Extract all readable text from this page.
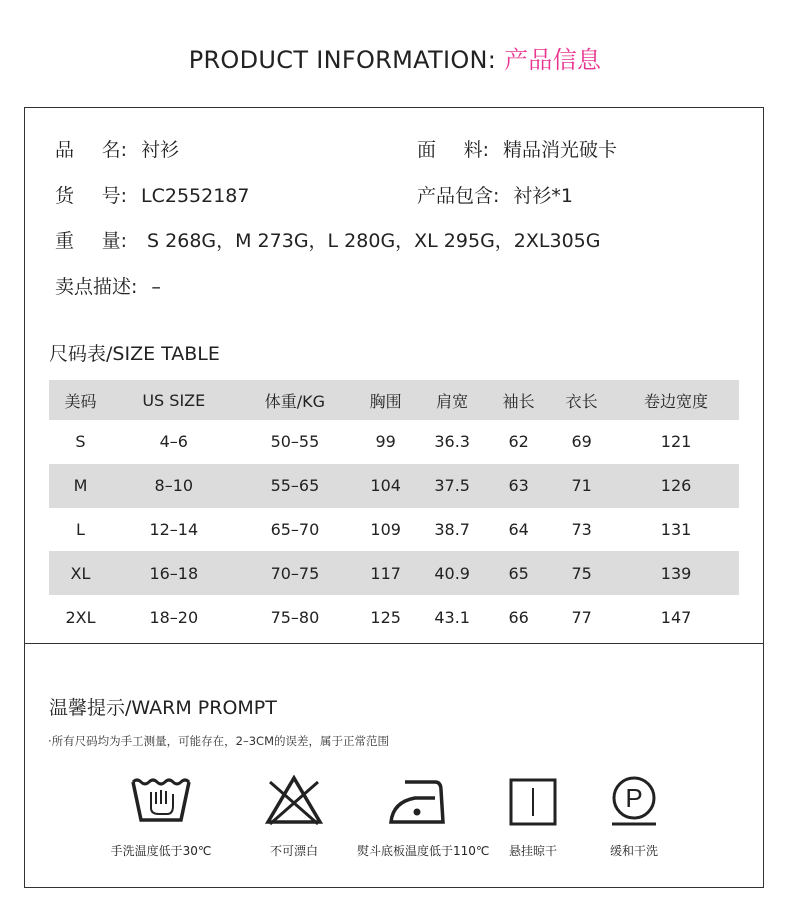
PRODUCT INFORMATION: 产品信息
品 名: 衬衫	面 料: 精品消光破卡
货 号: LC2552187	产品包含: 衬衫*1
重 量: S 268G，M 273G，L 280G，XL 295G，2XL305G
卖点描述: –
尺码表/SIZE TABLE
美码	US SIZE	体重/KG	胸围	肩宽	袖长	衣长	卷边宽度
S	4–6	50–55	99	36.3	62	69	121
M	8–10	55–65	104	37.5	63	71	126
L	12–14	65–70	109	38.7	64	73	131
XL	16–18	70–75	117	40.9	65	75	139
2XL	18–20	75–80	125	43.1	66	77	147
温馨提示/WARM PROMPT
·所有尺码均为手工测量，可能存在，2–3CM的误差，属于正常范围
手洗温度低于30℃	不可漂白	熨斗底板温度低于110℃	悬挂晾干
P
缓和干洗
